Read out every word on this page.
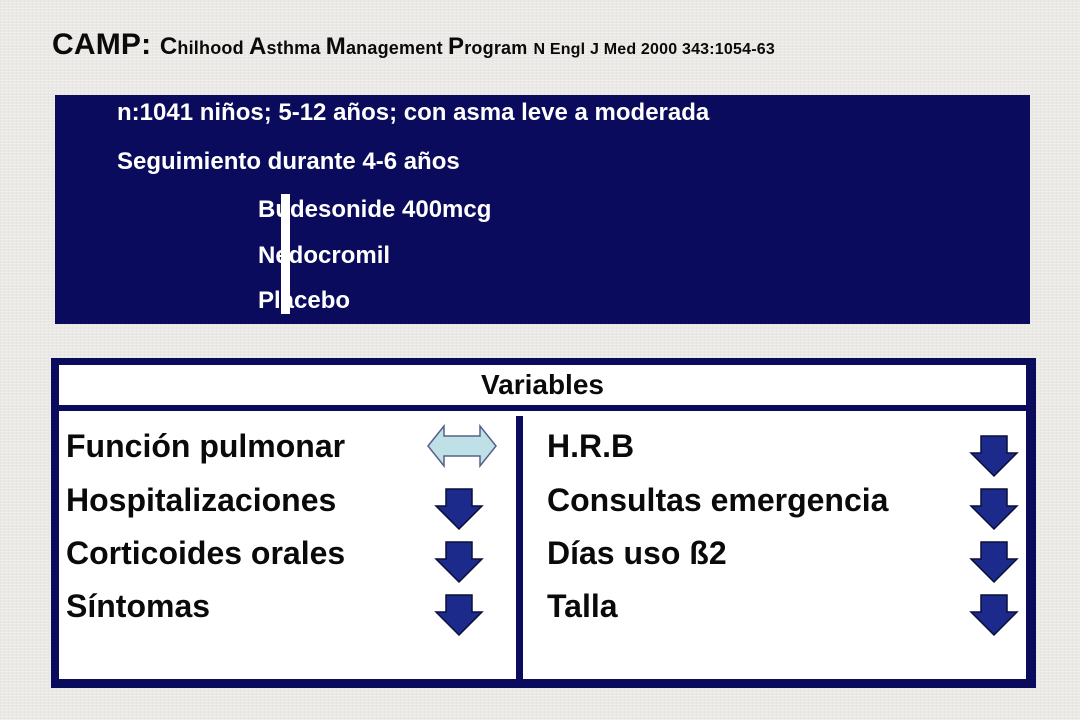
CAMP: Chilhood Asthma Management Program N Engl J Med 2000 343:1054-63
n:1041 niños; 5-12 años; con asma leve a moderada
Seguimiento durante 4-6 años
Budesonide 400mcg
Nedocromil
Placebo
Variables
Función pulmonar
Hospitalizaciones
Corticoides orales
Síntomas
H.R.B
Consultas emergencia
Días uso ß2
Talla
